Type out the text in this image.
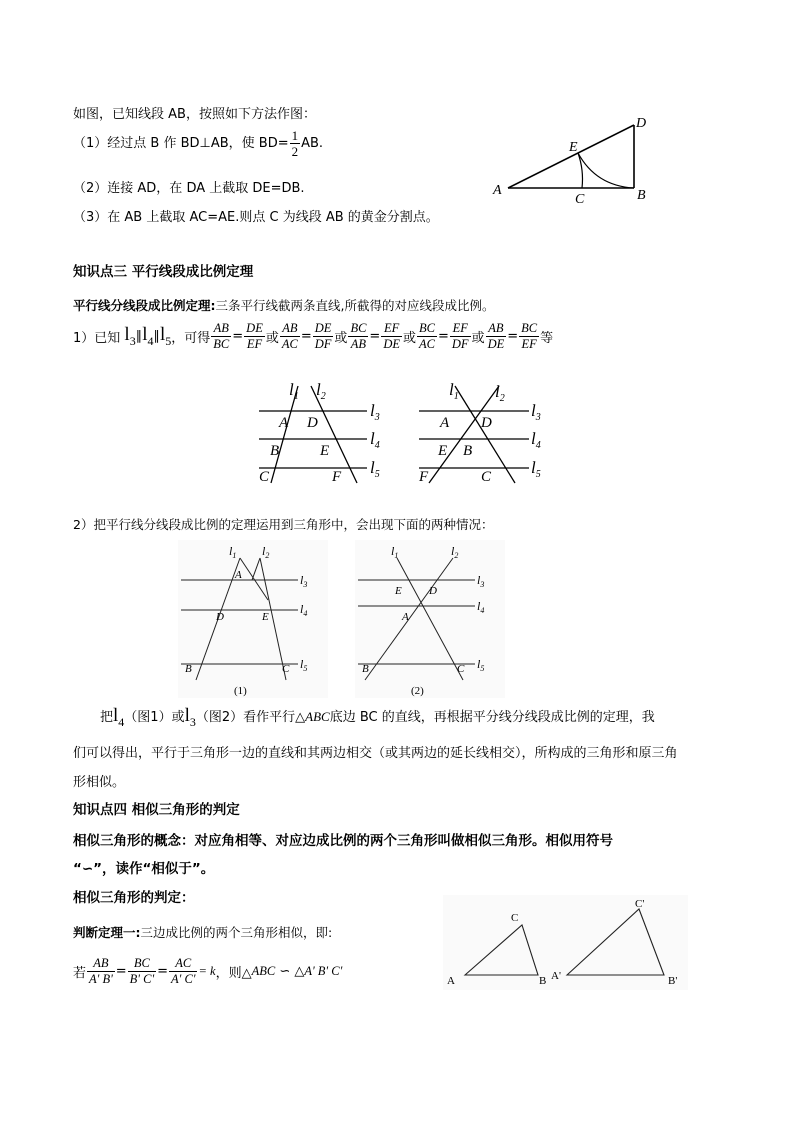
如图，已知线段 AB，按照如下方法作图：
（1）经过点 B 作 BD⊥AB，使 $BD= \frac{1}{2}$ AB.
（2）连接 AD，在 DA 上截取 DE=DB.
（3）在 AB 上截取 AC=AE.则点 C 为线段 AB 的黄金分割点。
A	B
C
D
E
知识点三 平行线段成比例定理
平行线分线段成比例定理:三条平行线截两条直线,所截得的对应线段成比例。
1）已知 $l_3\parallel l_4\parallel l_5$，可得 $\frac{AB}{BC} = \frac{DE}{EF}$ 或 $\frac{AB}{AC} = \frac{DE}{DF}$ 或 $\frac{BC}{AB} = \frac{EF}{DE}$ 或 $\frac{BC}{AC} = \frac{EF}{DF}$ 或 $\frac{AB}{DE} = \frac{BC}{EF}$ 等
$l_1$ $l_2$
$l_3$
$l_4$
$l_5$
A D
B	E
C	F
$l_1$ $l_2$
$l_3$
$l_4$
$l_5$
A D
E B
F	C
2）把平行线分线段成比例的定理运用到三角形中，会出现下面的两种情况：
$l_1$ $l_2$
$l_3$
$l_4$
$l_5$
A
D	E
B	C
(1)
$l_1$	$l_2$
$l_3$
$l_4$
$l_5$
E D
A
B	C
(2)
把$l_4$（图1）或$l_3$（图2）看作平行△ABC底边 BC 的直线，再根据平分线分线段成比例的定理，我
们可以得出，平行于三角形一边的直线和其两边相交（或其两边的延长线相交），所构成的三角形和原三角
形相似。
知识点四 相似三角形的判定
相似三角形的概念：对应角相等、对应边成比例的两个三角形叫做相似三角形。相似用符号
“∽”，读作“相似于”。
相似三角形的判定：
判断定理一:三边成比例的两个三角形相似，即:
若 $\frac{AB}{A' B'} = \frac{BC}{B' C'} = \frac{AC}{A' C'} = k$，则△ABC ∽ △A' B' C'
A	B
C
A'	B'
C'
